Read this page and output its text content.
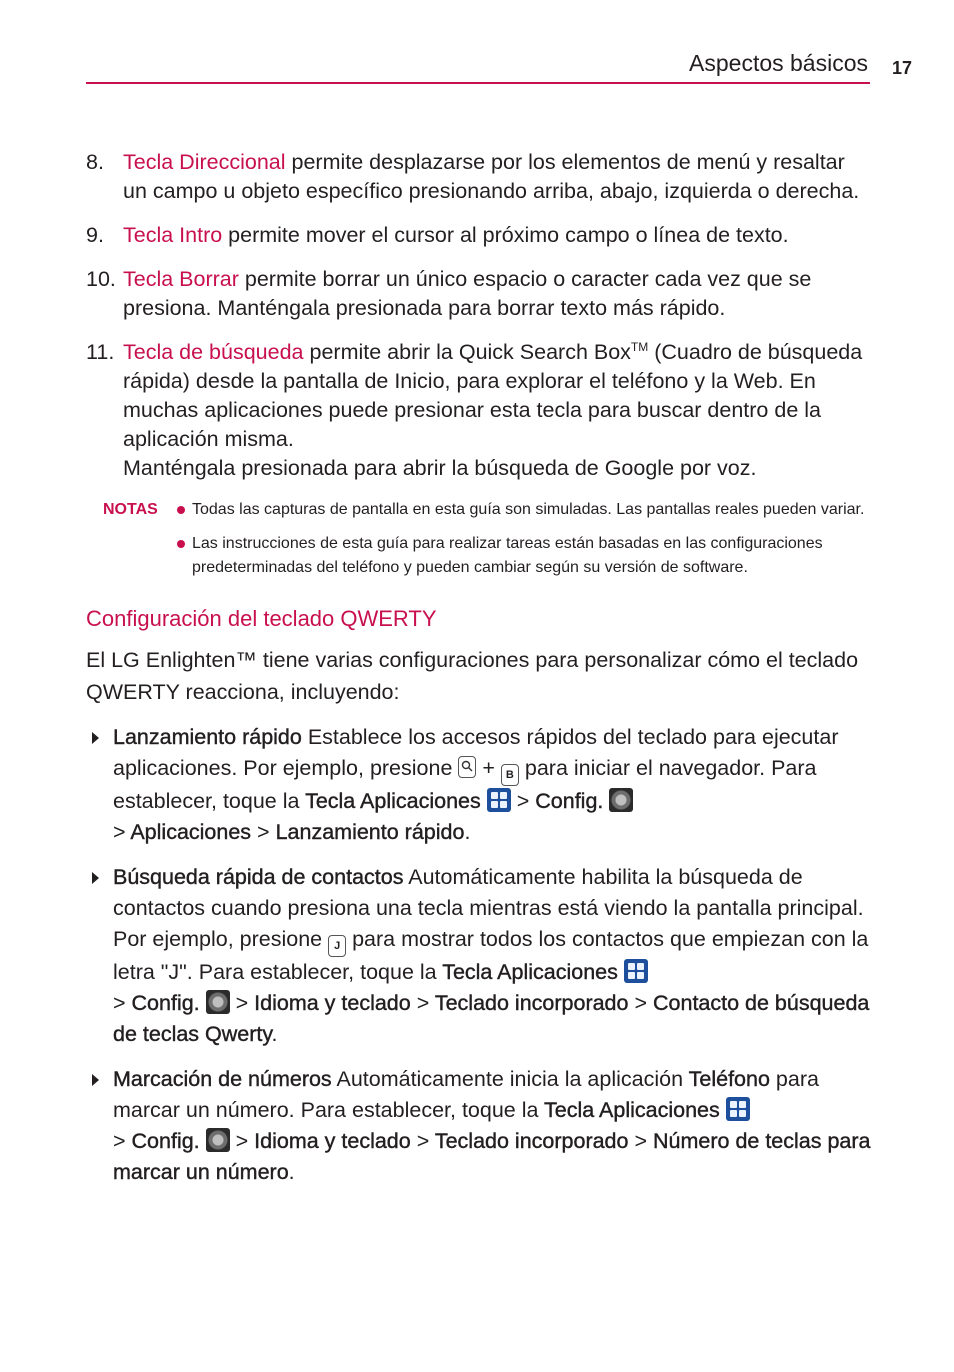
Aspectos básicos 17
8. Tecla Direccional permite desplazarse por los elementos de menú y resaltar un campo u objeto específico presionando arriba, abajo, izquierda o derecha.
9. Tecla Intro permite mover el cursor al próximo campo o línea de texto.
10. Tecla Borrar permite borrar un único espacio o caracter cada vez que se presiona. Manténgala presionada para borrar texto más rápido.
11. Tecla de búsqueda permite abrir la Quick Search Box™ (Cuadro de búsqueda rápida) desde la pantalla de Inicio, para explorar el teléfono y la Web. En muchas aplicaciones puede presionar esta tecla para buscar dentro de la aplicación misma.
Manténgala presionada para abrir la búsqueda de Google por voz.
NOTAS Todas las capturas de pantalla en esta guía son simuladas. Las pantallas reales pueden variar.
Las instrucciones de esta guía para realizar tareas están basadas en las configuraciones predeterminadas del teléfono y pueden cambiar según su versión de software.
Configuración del teclado QWERTY
El LG Enlighten™ tiene varias configuraciones para personalizar cómo el teclado QWERTY reacciona, incluyendo:
Lanzamiento rápido Establece los accesos rápidos del teclado para ejecutar aplicaciones. Por ejemplo, presione
+ B para iniciar el navegador. Para establecer, toque la Tecla Aplicaciones
> Config.
> Aplicaciones > Lanzamiento rápido.
Búsqueda rápida de contactos Automáticamente habilita la búsqueda de contactos cuando presiona una tecla mientras está viendo la pantalla principal. Por ejemplo, presione J para mostrar todos los contactos que empiezan con la letra "J". Para establecer, toque la Tecla Aplicaciones

> Config.  > Idioma y teclado > Teclado incorporado > Contacto de búsqueda de teclas Qwerty.
Marcación de números Automáticamente inicia la aplicación Teléfono para marcar un número. Para establecer, toque la Tecla Aplicaciones

> Config.  > Idioma y teclado > Teclado incorporado > Número de teclas para marcar un número.
